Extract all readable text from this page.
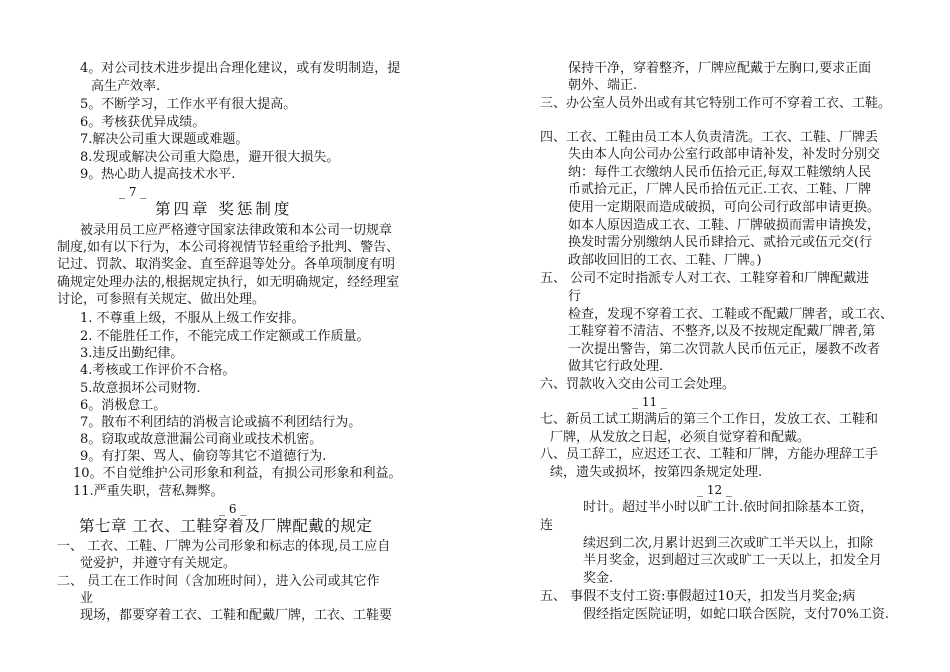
4。对公司技术进步提出合理化建议，或有发明制造，提
高生产效率.
5。不断学习，工作水平有很大提高。
6。考核获优异成绩。
7.解决公司重大课题或难题。
8.发现或解决公司重大隐患，避开很大损失。
9。热心助人提高技术水平.
_ 7 _
第四章 奖惩制度
被录用员工应严格遵守国家法律政策和本公司一切规章
制度,如有以下行为，本公司将视情节轻重给予批判、警告、
记过、罚款、取消奖金、直至辞退等处分。各单项制度有明
确规定处理办法的,根据规定执行，如无明确规定，经经理室
讨论，可参照有关规定、做出处理。
1. 不尊重上级，不服从上级工作安排。
2. 不能胜任工作，不能完成工作定额或工作质量。
3.违反出勤纪律。
4.考核或工作评价不合格。
5.故意损坏公司财物.
6。消极怠工。
7。散布不利团结的消极言论或搞不利团结行为。
8。窃取或故意泄漏公司商业或技术机密。
9。有打架、骂人、偷窃等其它不道德行为.
10。不自觉维护公司形象和利益，有损公司形象和利益。
11.严重失职，营私舞弊。
_ 6 _
第七章 工衣、工鞋穿着及厂牌配戴的规定
一、 工衣、工鞋、厂牌为公司形象和标志的体现,员工应自
觉爱护，并遵守有关规定。
二、 员工在工作时间（含加班时间），进入公司或其它作
业
现场，都要穿着工衣、工鞋和配戴厂牌，工衣、工鞋要
保持干净，穿着整齐，厂牌应配戴于左胸口,要求正面
朝外、端正.
三、办公室人员外出或有其它特别工作可不穿着工衣、工鞋。
四、工衣、工鞋由员工本人负责清洗。工衣、工鞋、厂牌丢
失由本人向公司办公室行政部申请补发，补发时分别交
纳：每件工衣缴纳人民币伍拾元正,每双工鞋缴纳人民
币贰拾元正，厂牌人民币拾伍元正.工衣、工鞋、厂牌
使用一定期限而造成破损，可向公司行政部申请更换。
如本人原因造成工衣、工鞋、厂牌破损而需申请换发，
换发时需分别缴纳人民币肆拾元、贰拾元或伍元交(行
政部收回旧的工衣、工鞋、厂牌。)
五、 公司不定时指派专人对工衣、工鞋穿着和厂牌配戴进
行
检查，发现不穿着工衣、工鞋或不配戴厂牌者，或工衣、
工鞋穿着不清洁、不整齐,以及不按规定配戴厂牌者,第
一次提出警告，第二次罚款人民币伍元正，屡教不改者
做其它行政处理.
六、罚款收入交由公司工会处理。
_ 11 _
七、新员工试工期满后的第三个工作日，发放工衣、工鞋和
厂牌，从发放之日起，必须自觉穿着和配戴。
八、员工辞工，应迟还工衣、工鞋和厂牌，方能办理辞工手
续，遗失或损坏，按第四条规定处理.
_ 12 _
时计。超过半小时以旷工计.依时间扣除基本工资，
连
续迟到二次,月累计迟到三次或旷工半天以上，扣除
半月奖金，迟到超过三次或旷工一天以上，扣发全月
奖金.
五、 事假不支付工资:事假超过10天，扣发当月奖金;病
假经指定医院证明，如蛇口联合医院，支付70%工资.
